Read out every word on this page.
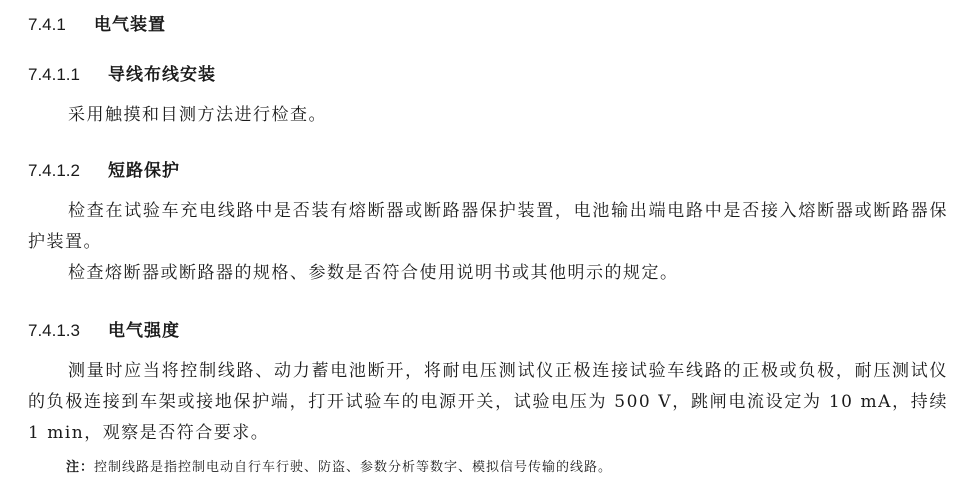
7.4.1 电气装置
7.4.1.1 导线布线安装
采用触摸和目测方法进行检查。
7.4.1.2 短路保护
检查在试验车充电线路中是否装有熔断器或断路器保护装置，电池输出端电路中是否接入熔断器或断路器保护装置。
检查熔断器或断路器的规格、参数是否符合使用说明书或其他明示的规定。
7.4.1.3 电气强度
测量时应当将控制线路、动力蓄电池断开，将耐电压测试仪正极连接试验车线路的正极或负极，耐压测试仪的负极连接到车架或接地保护端，打开试验车的电源开关，试验电压为 500 V，跳闸电流设定为 10 mA，持续 1 min，观察是否符合要求。
注：控制线路是指控制电动自行车行驶、防盗、参数分析等数字、模拟信号传输的线路。
